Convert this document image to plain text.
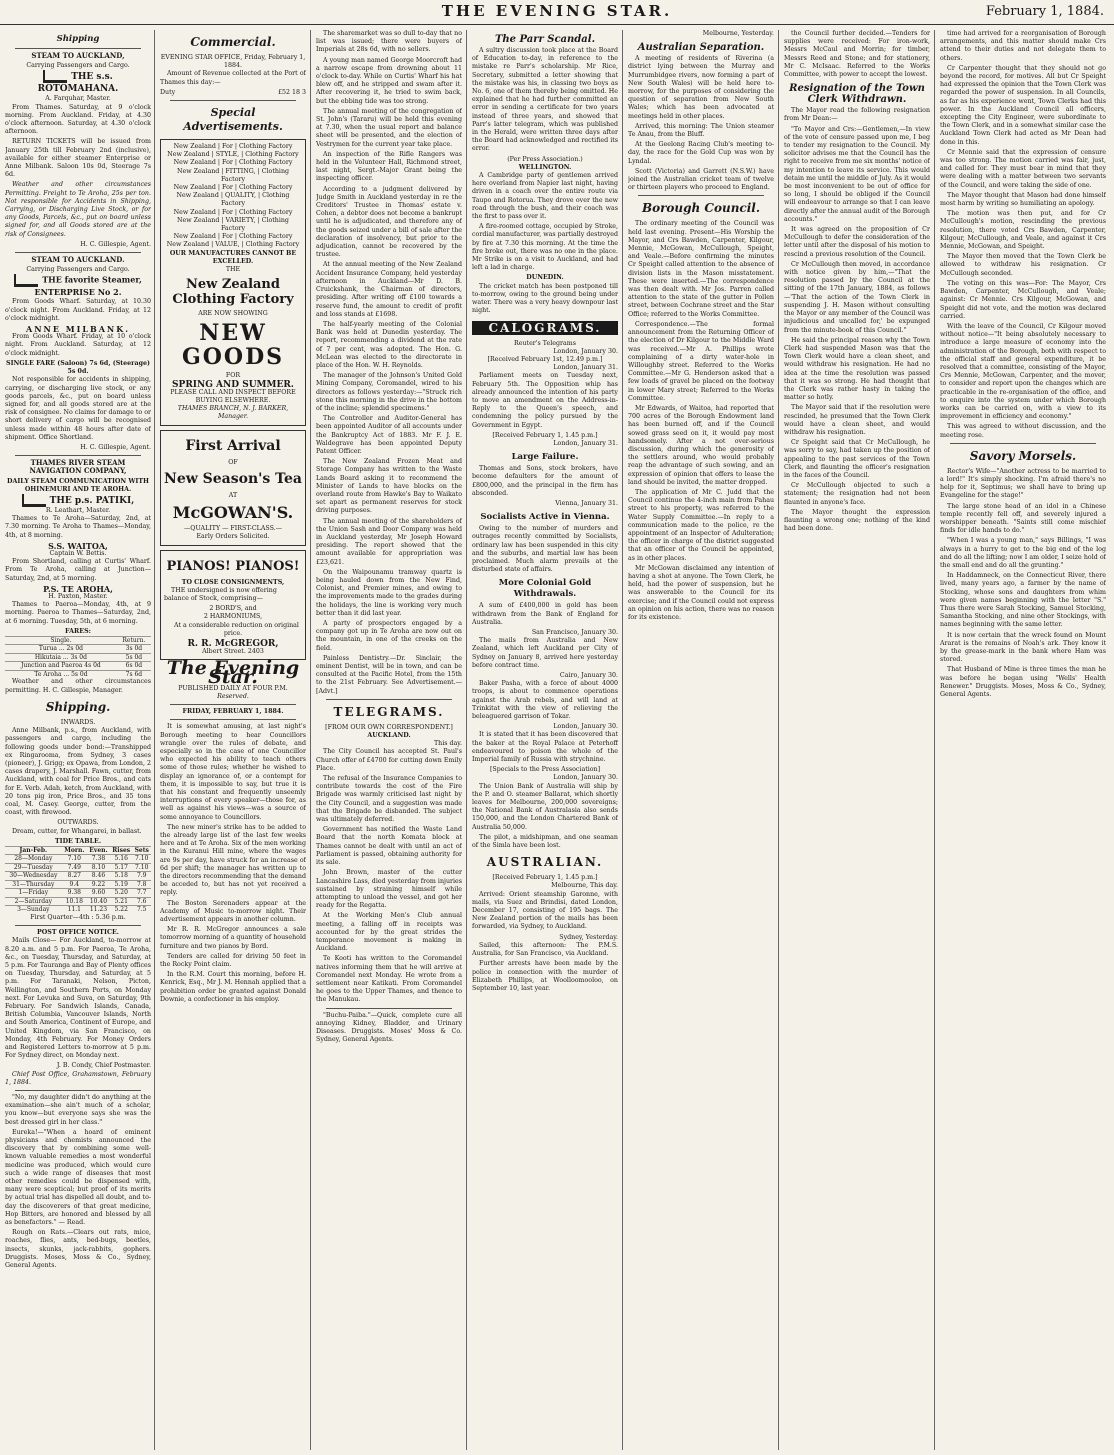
THE EVENING STAR.	February 1, 1884.
Shipping
STEAM TO AUCKLAND,
Carrying Passengers and Cargo.
THE s.s. ROTOMAHANA.
A. Farquhar, Master.

From Thames. Saturday, at 9 o'clock morning. From Auckland. Friday, at 4.30 o'clock afternoon. Saturday, at 4.30 o'clock afternoon.

RETURN TICKETS will be issued from January 25th till February 2nd (inclusive), available for either steamer Enterprise or Anne Milbank. Saloon 10s 0d, Steerage 7s 6d.

Weather and other circumstances Permitting. Freight to Te Aroha, 25s per ton. Not responsible for Accidents in Shipping, Carrying, or Discharging Live Stock, or for any Goods, Parcels, &c., put on board unless signed for, and all Goods stored are at the risk of Consignees.

H. C. Gillespie, Agent.
STEAM TO AUCKLAND.
Carrying Passengers and Cargo.
THE favorite Steamer, ENTERPRISE No 2.

From Goods Wharf. Saturday, at 10.30 o'clock night. From Auckland. Friday, at 12 o'clock midnight.

ANNE MILBANK.

From Goods Wharf. Friday, at 10 o'clock night. From Auckland. Saturday, at 12 o'clock midnight.

SINGLE FARE (Saloon) 7s 6d, (Steerage) 5s 0d.

Not responsible for accidents in shipping, carrying, or discharging live stock, or any goods parcels, &c., put on board unless signed for, and all goods stored are at the risk of consignee. No claims for damage to or short delivery of cargo will be recognised unless made within 48 hours after date of shipment. Office Shortland.

H. C. Gillespie, Agent.
THAMES RIVER STEAM NAVIGATION COMPANY,
DAILY STEAM COMMUNICATION WITH OHINEMURI AND TE AROHA.
THE p.s. PATIKI,
R. Leathart, Master.

Thames to Te Aroha—Saturday, 2nd, at 7.30 morning. Te Aroha to Thames—Monday, 4th, at 8 morning.

S.S. WAITOA,
Captain W. Bettis.

From Shortland, calling at Curtis' Wharf. From Te Aroha, calling at Junction—Saturday, 2nd, at 5 morning.

P.S. TE AROHA,
H. Paxton, Master.

Thames to Paeroa—Monday, 4th, at 9 morning. Paeroa to Thames—Saturday, 2nd, at 6 morning. Tuesday, 5th, at 6 morning.

FARES:
Single.	Return.
Turua ... 2s 0d	3s 0d
Hikutaia ... 3s 0d	5s 0d
Junction and Paeroa 4s 0d	6s 0d
Te Aroha ... 5s 0d	7s 6d

Weather and other circumstances permitting. H. C. Gillespie, Manager.

Shipping.
INWARDS.

Anne Milbank, p.s., from Auckland, with passengers and cargo, including the following goods under bond:—Transhipped ex Ringarooma, from Sydney, 3 cases (pioneer), J. Grigg; ex Opawa, from London, 2 cases drapery, J. Marshall. Fawn, cutter, from Auckland, with coal for Price Bros., and cats for E. Verb. Adah, ketch, from Auckland, with 20 tons pig iron, Price Bros., and 35 tons coal, M. Casey. George, cutter, from the coast, with firewood.

OUTWARDS.

Dream, cutter, for Whangarei, in ballast.

TIDE TABLE.
Jan-Feb.	Morn.	Even.	Rises	Sets
28—Monday	7.10	7.38	5.16	7.10
29—Tuesday	7.49	8.10	5.17	7.10
30—Wednesday	8.27	8.46	5.18	7.9
31—Thursday	9.4	9.22	5.19	7.8
1—Friday	9.38	9.60	5.20	7.7
2—Saturday	10.18	10.40	5.21	7.6
3—Sunday	11.1	11.23	5.22	7.5
First Quarter—4th : 5.36 p.m.
POST OFFICE NOTICE.

Mails Close— For Auckland, to-morrow at 8.20 a.m. and 5 p.m. For Paeroa, Te Aroha, &c., on Tuesday, Thursday, and Saturday, at 5 p.m. For Tauranga and Bay of Plenty offices on Tuesday, Thursday, and Saturday, at 5 p.m. For Taranaki, Nelson, Picton, Wellington, and Southern Ports, on Monday next. For Levuka and Suva, on Saturday, 9th February. For Sandwich Islands, Canada, British Columbia, Vancouver Islands, North and South America, Continent of Europe, and United Kingdom, via San Francisco, on Monday, 4th February. For Money Orders and Registered Letters to-morrow at 5 p.m. For Sydney direct, on Monday next.

J. B. Condy, Chief Postmaster.

Chief Post Office, Grahamstown, February 1, 1884.

"No, my daughter didn't do anything at the examination—she ain't much of a scholar, you know—but everyone says she was the best dressed girl in her class."

Eureka!—"When a hoard of eminent physicians and chemists announced the discovery that by combining some well-known valuable remedies a most wonderful medicine was produced, which would cure such a wide range of diseases that most other remedies could be dispensed with, many were sceptical; but proof of its merits by actual trial has dispelled all doubt, and to-day the discoverers of that great medicine, Hop Bitters, are honored and blessed by all as benefactors." — Read.

Rough on Rats.—Clears out rats, mice, roaches, flies, ants, bed-bugs, beetles, insects, skunks, jack-rabbits, gophers. Druggists. Moses, Moss & Co., Sydney, General Agents.

Commercial.
EVENING STAR OFFICE, Friday, February 1, 1884.

Amount of Revenue collected at the Port of Thames this day:—

Duty	£52 18 3
Special Advertisements.
New Zealand | For | Clothing Factory
New Zealand | STYLE, | Clothing Factory
New Zealand | For | Clothing Factory
New Zealand | FITTING, | Clothing Factory
New Zealand | For | Clothing Factory
New Zealand | QUALITY, | Clothing Factory
New Zealand | For | Clothing Factory
New Zealand | VARIETY, | Clothing Factory
New Zealand | For | Clothing Factory
New Zealand | VALUE, | Clothing Factory
OUR MANUFACTURES CANNOT BE EXCELLED.
THE
New Zealand Clothing Factory
ARE NOW SHOWING
NEW GOODS
FOR
SPRING AND SUMMER.
PLEASE CALL AND INSPECT BEFORE BUYING ELSEWHERE.
THAMES BRANCH, N. J. BARKER, Manager.
First Arrival
OF
New Season's Tea
AT
McGOWAN'S.
—QUALITY — FIRST-CLASS.—
Early Orders Solicited.
PIANOS! PIANOS!
TO CLOSE CONSIGNMENTS,

THE undersigned is now offering balance of Stock, comprising—

2 BORD'S, and
2 HARMONIUMS,

At a considerable reduction on original price.

R. R. McGREGOR,
Albert Street. 2403
The Evening Star.
PUBLISHED DAILY AT FOUR P.M.
Reserved.
FRIDAY, FEBRUARY 1, 1884.

It is somewhat amusing, at last night's Borough meeting to hear Councillors wrangle over the rules of debate, and especially so in the case of one Councillor who expected his ability to teach others some of those rules; whether he wished to display an ignorance of, or a contempt for them, it is impossible to say, but true it is that his constant and frequently unseemly interruptions of every speaker—those for, as well as against his views—was a source of some annoyance to Councillors.

The new miner's strike has to be added to the already large list of the last few weeks here and at Te Aroha. Six of the men working in the Kuranui Hill mine, where the wages are 9s per day, have struck for an increase of 6d per shift; the manager has written up to the directors recommending that the demand be acceded to, but has not yet received a reply.

The Boston Serenaders appear at the Academy of Music to-morrow night. Their advertisement appears in another column.

Mr R. R. McGregor announces a sale tomorrow morning of a quantity of household furniture and two pianos by Bord.

Tenders are called for driving 50 feet in the Rocky Point claim.

In the R.M. Court this morning, before H. Kenrick, Esq., Mr J. M. Hennah applied that a prohibition order be granted against Donald Downie, a confectioner in his employ.

The sharemarket was so dull to-day that no list was issued; there were buyers of Imperials at 28s 6d, with no sellers.

A young man named George Moorcroft had a narrow escape from drowning about 11 o'clock to-day. While on Curtis' Wharf his hat blew off, and he stripped and swam after it. After recovering it, he tried to swim back, but the ebbing tide was too strong.

The annual meeting of the congregation of St. John's (Tararu) will be held this evening at 7.30, when the usual report and balance sheet will be presented, and the election of Vestrymen for the current year take place.

An inspection of the Rifle Rangers was held in the Volunteer Hall, Richmond street, last night, Sergt.-Major Grant being the inspecting officer.

According to a judgment delivered by Judge Smith in Auckland yesterday in re the Creditors' Trustee in Thomas' estate v. Cohen, a debtor does not become a bankrupt until he is adjudicated, and therefore any of the goods seized under a bill of sale after the declaration of insolvency, but prior to the adjudication, cannot be recovered by the trustee.

At the annual meeting of the New Zealand Accident Insurance Company, held yesterday afternoon in Auckland—Mr D. B. Cruickshank, the Chairman of directors, presiding. After writing off £100 towards a reserve fund, the amount to credit of profit and loss stands at £1698.

The half-yearly meeting of the Colonial Bank was held at Dunedin yesterday. The report, recommending a dividend at the rate of 7 per cent, was adopted. The Hon. G. McLean was elected to the directorate in place of the Hon. W. H. Reynolds.

The manager of the Johnson's United Gold Mining Company, Coromandel, wired to his directors as follows yesterday:—"Struck rich stone this morning in the drive in the bottom of the incline; splendid specimens."

The Controller and Auditor-General has been appointed Auditor of all accounts under the Bankruptcy Act of 1883. Mr F. J. E. Waldegrave has been appointed Deputy Patent Officer.

The New Zealand Frozen Meat and Storage Company has written to the Waste Lands Board asking it to recommend the Minister of Lands to have blocks on the overland route from Hawke's Bay to Waikato set apart as permanent reserves for stock driving purposes.

The annual meeting of the shareholders of the Union Sash and Door Company was held in Auckland yesterday, Mr Joseph Howard presiding. The report showed that the amount available for appropriation was £23,621.

On the Waipounamu tramway quartz is being hauled down from the New Find, Colonist, and Premier mines, and owing to the improvements made to the grades during the holidays, the line is working very much better than it did last year.

A party of prospectors engaged by a company got up in Te Aroha are now out on the mountain, in one of the creeks on the field.

Painless Dentistry.—Dr. Sinclair, the eminent Dentist, will be in town, and can be consulted at the Pacific Hotel, from the 15th to the 21st February. See Advertisement.—[Advt.]

TELEGRAMS.
[FROM OUR OWN CORRESPONDENT.]
AUCKLAND.
This day.

The City Council has accepted St. Paul's Church offer of £4700 for cutting down Emily Place.

The refusal of the Insurance Companies to contribute towards the cost of the Fire Brigade was warmly criticised last night by the City Council, and a suggestion was made that the Brigade be disbanded. The subject was ultimately deferred.

Government has notified the Waste Land Board that the north Komata block at Thames cannot be dealt with until an act of Parliament is passed, obtaining authority for its sale.

John Brown, master of the cutter Lancashire Lass, died yesterday from injuries sustained by straining himself while attempting to unload the vessel, and got her ready for the Regatta.

At the Working Men's Club annual meeting, a falling off in receipts was accounted for by the great strides the temperance movement is making in Auckland.

Te Kooti has written to the Coromandel natives informing them that he will arrive at Coromandel next Monday. He wrote from a settlement near Katikati. From Coromandel he goes to the Upper Thames, and thence to the Manukau.

"Buchu-Paiba."—Quick, complete cure all annoying Kidney, Bladder, and Urinary Diseases. Druggists. Moses' Moss & Co. Sydney, General Agents.

The Parr Scandal.

A sultry discussion took place at the Board of Education to-day, in reference to the mistake re Parr's scholarship. Mr Rice, Secretary, submitted a letter showing that the mistake was his, in classing two boys as No. 6, one of them thereby being omitted. He explained that he had further committed an error in sending a certificate for two years instead of three years, and showed that Parr's latter telegram, which was published in the Herald, were written three days after the Board had acknowledged and rectified its error.

(Per Press Association.)
WELLINGTON.

A Cambridge party of gentlemen arrived here overland from Napier last night, having driven in a coach over the entire route via Taupo and Rotorua. They drove over the new road through the bush, and their coach was the first to pass over it.

A fire-roomed cottage, occupied by Stroke, cordial manufacturer, was partially destroyed by fire at 7.30 this morning. At the time the fire broke out, there was no one in the place. Mr Strike is on a visit to Auckland, and had left a lad in charge.

DUNEDIN.

The cricket match has been postponed till to-morrow, owing to the ground being under water. There was a very heavy downpour last night.

CALOGRAMS.
Reuter's Telegrams
London, January 30.
[Received February 1st, 12.49 p.m.]
London, January 31.

Parliament meets on Tuesday next, February 5th. The Opposition whip has already announced the intention of his party to move an amendment on the Address-in-Reply to the Queen's speech, and condemning the policy pursued by the Government in Egypt.

[Received February 1, 1.45 p.m.]
London, January 31.
Large Failure.

Thomas and Sons, stock brokers, have become defaulters for the amount of £800,000, and the principal in the firm has absconded.

Vienna, January 31.
Socialists Active in Vienna.

Owing to the number of murders and outrages recently committed by Socialists, ordinary law has been suspended in this city and the suburbs, and martial law has been proclaimed. Much alarm prevails at the disturbed state of affairs.

More Colonial Gold Withdrawals.

A sum of £400,000 in gold has been withdrawn from the Bank of England for Australia.

San Francisco, January 30.

The mails from Australia and New Zealand, which left Auckland per City of Sydney on January 8, arrived here yesterday before contract time.

Cairo, January 30.

Baker Pasha, with a force of about 4000 troops, is about to commence operations against the Arab rebels, and will land at Trinkitat with the view of relieving the beleaguered garrison of Tokar.

London, January 30.

It is stated that it has been discovered that the baker at the Royal Palace at Peterhoff endeavoured to poison the whole of the Imperial family of Russia with strychnine.

[Specials to the Press Association]
London, January 30.

The Union Bank of Australia will ship by the P. and O. steamer Ballarat, which shortly leaves for Melbourne, 200,000 sovereigns; the National Bank of Australasia also sends 150,000, and the London Chartered Bank of Australia 50,000.

The pilot, a midshipman, and one seaman of the Simla have been lost.

AUSTRALIAN.
[Received February 1, 1.45 p.m.]
Melbourne, This day.

Arrived: Orient steamship Garonne, with mails, via Suez and Brindisi, dated London, December 17, consisting of 195 bags. The New Zealand portion of the mails has been forwarded, via Sydney, to Auckland.

Sydney, Yesterday.

Sailed, this afternoon: The P.M.S. Australia, for San Francisco, via Auckland.

Further arrests have been made by the police in connection with the murder of Elizabeth Phillips, at Woolloomooloo, on September 10, last year.

Melbourne, Yesterday.
Australian Separation.

A meeting of residents of Riverina (a district lying between the Murray and Murrumbidgee rivers, now forming a part of New South Wales) will be held here to-morrow, for the purposes of considering the question of separation from New South Wales; which has been advocated at meetings held in other places.

Arrived, this morning: The Union steamer Te Anau, from the Bluff.

At the Geelong Racing Club's meeting to-day, the race for the Gold Cup was won by Lyndal.

Scott (Victoria) and Garrett (N.S.W.) have joined the Australian cricket team of twelve or thirteen players who proceed to England.

Borough Council.

The ordinary meeting of the Council was held last evening. Present—His Worship the Mayor, and Crs Bawden, Carpenter, Kilgour, Mennie, McGowan, McCullough, Speight, and Veale.—Before confirming the minutes Cr Speight called attention to the absence of division lists in the Mason misstatement. These were inserted.—The correspondence was then dealt with. Mr Jos. Parren called attention to the state of the gutter in Pollen street, between Cochrane street and the Star Office; referred to the Works Committee.

Correspondence.—The formal announcement from the Returning Officer of the election of Dr Kilgour to the Middle Ward was received.—Mr A. Phillips wrote complaining of a dirty water-hole in Willoughby street. Referred to the Works Committee.—Mr G. Henderson asked that a few loads of gravel be placed on the footway in lower Mary street; Referred to the Works Committee.

Mr Edwards, of Waitoa, had reported that 700 acres of the Borough Endowment land has been burned off, and if the Council sowed grass seed on it, it would pay most handsomely. After a not over-serious discussion, during which the generosity of the settlers around, who would probably reap the advantage of such sowing, and an expression of opinion that offers to lease the land should be invited, the matter dropped.

The application of Mr C. Judd that the Council continue the 4-inch main from Pahau street to his property, was referred to the Water Supply Committee.—In reply to a communication made to the police, re the appointment of an Inspector of Adulteration; the officer in charge of the district suggested that an officer of the Council be appointed, as in other places.

Mr McGowan disclaimed any intention of having a shot at anyone. The Town Clerk, he held, had the power of suspension, but he was answerable to the Council for its exercise; and if the Council could not express an opinion on his action, there was no reason for its existence.

the Council further decided.—Tenders for supplies were received: For iron-work, Messrs McCaul and Morrin; for timber, Messrs Reed and Stone; and for stationery, Mr C. McIsaac. Referred to the Works Committee, with power to accept the lowest.

Resignation of the Town Clerk Withdrawn.

The Mayor read the following resignation from Mr Dean:—

"To Mayor and Crs:—Gentlemen,—In view of the vote of censure passed upon me, I beg to tender my resignation to the Council. My solicitor advises me that the Council has the right to receive from me six months' notice of my intention to leave its service. This would detain me until the middle of July. As it would be most inconvenient to be out of office for so long, I should be obliged if the Council will endeavour to arrange so that I can leave directly after the annual audit of the Borough accounts."

It was agreed on the proposition of Cr McCullough to defer the consideration of the letter until after the disposal of his motion to rescind a previous resolution of the Council.

Cr McCullough then moved, in accordance with notice given by him,—"That the resolution passed by the Council at the sitting of the 17th January, 1884, as follows—'That the action of the Town Clerk in suspending J. H. Mason without consulting the Mayor or any member of the Council was injudicious and uncalled for,' be expunged from the minute-book of this Council."

He said the principal reason why the Town Clerk had suspended Mason was that the Town Clerk would have a clean sheet, and would withdraw his resignation. He had no idea at the time the resolution was passed that it was so strong. He had thought that the Clerk was rather hasty in taking the matter so hotly.

The Mayor said that if the resolution were rescinded, he presumed that the Town Clerk would have a clean sheet, and would withdraw his resignation.

Cr Speight said that Cr McCullough, he was sorry to say, had taken up the position of appealing to the past services of the Town Clerk, and flaunting the officer's resignation in the faces of the Council.

Cr McCullough objected to such a statement; the resignation had not been flaunted in anyone's face.

The Mayor thought the expression flaunting a wrong one; nothing of the kind had been done.

time had arrived for a reorganisation of Borough arrangements, and this matter should make Crs attend to their duties and not delegate them to others.

Cr Carpenter thought that they should not go beyond the record, for motives. All but Cr Speight had expressed the opinion that the Town Clerk was regarded the power of suspension. In all Councils, as far as his experience went, Town Clerks had this power. In the Auckland Council all officers, excepting the City Engineer, were subordinate to the Town Clerk, and in a somewhat similar case the Auckland Town Clerk had acted as Mr Dean had done in this.

Cr Mennie said that the expression of censure was too strong. The motion carried was fair, just, and called for. They must bear in mind that they were dealing with a matter between two servants of the Council, and were taking the side of one.

The Mayor thought that Mason had done himself most harm by writing so humiliating an apology.

The motion was then put, and for Cr McCullough's motion, rescinding the previous resolution, there voted Crs Bawden, Carpenter, Kilgour, McCullough, and Veale, and against it Crs Mennie, McGowan, and Speight.

The Mayor then moved that the Town Clerk be allowed to withdraw his resignation. Cr McCullough seconded.

The voting on this was—For: The Mayor, Crs Bawden, Carpenter, McCullough, and Veale; against: Cr Mennie. Crs Kilgour, McGowan, and Speight did not vote, and the motion was declared carried.

With the leave of the Council, Cr Kilgour moved without notice—"It being absolutely necessary to introduce a large measure of economy into the administration of the Borough, both with respect to the official staff and general expenditure, it be resolved that a committee, consisting of the Mayor, Crs Mennie, McGowan, Carpenter, and the mover, to consider and report upon the changes which are practicable in the re-organisation of the office, and to enquire into the system under which Borough works can be carried on, with a view to its improvement in efficiency and economy."

This was agreed to without discussion, and the meeting rose.

Savory Morsels.

Rector's Wife—"Another actress to be married to a lord!" It's simply shocking. I'm afraid there's no help for it, Septimus; we shall have to bring up Evangeline for the stage!"

The large stone head of an idol in a Chinese temple recently fell off, and severely injured a worshipper beneath. "Saints still come mischief finds for idle hands to do."

"When I was a young man," says Billings, "I was always in a hurry to get to the big end of the log and do all the lifting; now I am older, I seize hold of the small end and do all the grunting."

In Haddamneck, on the Connecticut River, there lived, many years ago, a farmer by the name of Stocking, whose sons and daughters from whim were given names beginning with the letter "S." Thus there were Sarah Stocking, Samuel Stocking, Samantha Stocking, and nine other Stockings, with names beginning with the same letter.

It is now certain that the wreck found on Mount Ararat is the remains of Noah's ark. They know it by the grease-mark in the bank where Ham was stored.

That Husband of Mine is three times the man he was before he began using "Wells' Health Renewer." Druggists. Moses, Moss & Co., Sydney, General Agents.
